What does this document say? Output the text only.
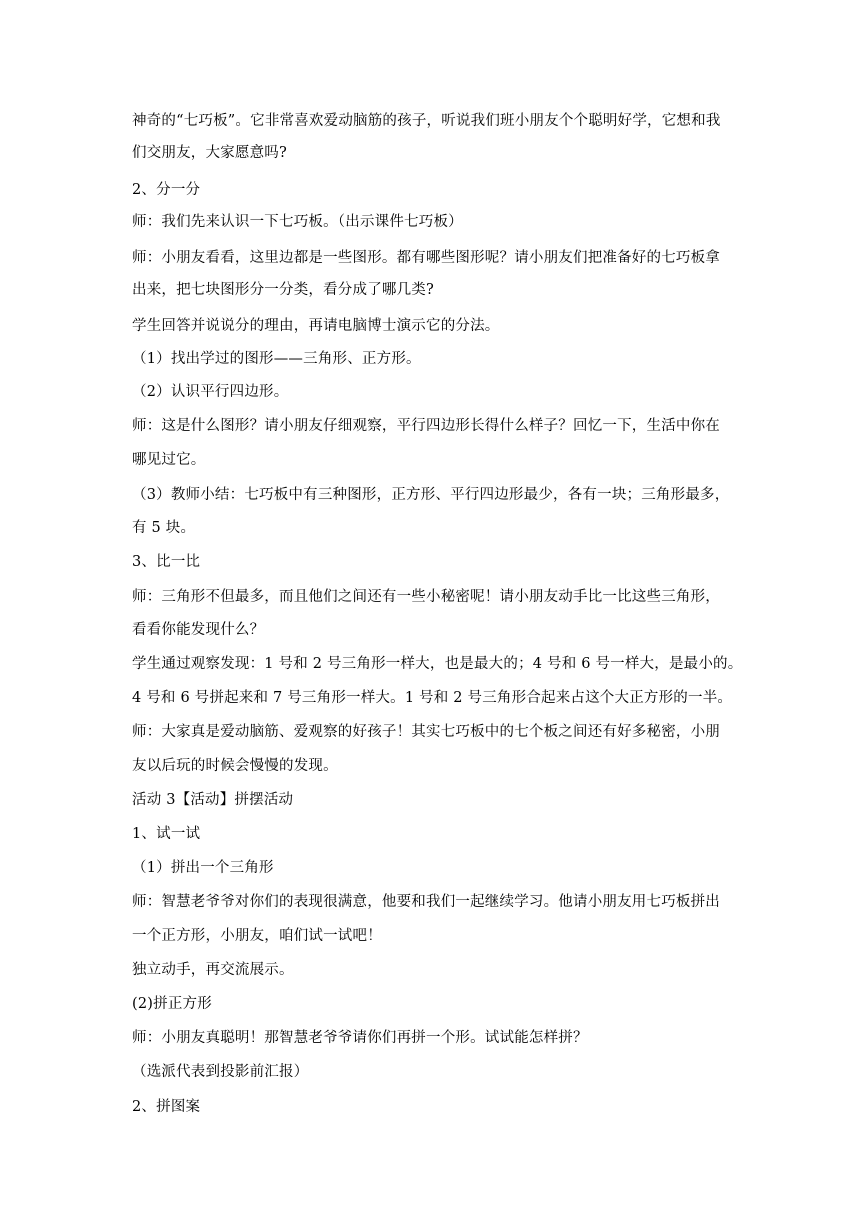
神奇的“七巧板”。它非常喜欢爱动脑筋的孩子，听说我们班小朋友个个聪明好学，它想和我
们交朋友，大家愿意吗?
2、分一分
师：我们先来认识一下七巧板。（出示课件七巧板）
师：小朋友看看，这里边都是一些图形。都有哪些图形呢？请小朋友们把准备好的七巧板拿
出来，把七块图形分一分类，看分成了哪几类?
学生回答并说说分的理由，再请电脑博士演示它的分法。
（1）找出学过的图形——三角形、正方形。
（2）认识平行四边形。
师：这是什么图形？请小朋友仔细观察，平行四边形长得什么样子？回忆一下，生活中你在
哪见过它。
（3）教师小结：七巧板中有三种图形，正方形、平行四边形最少，各有一块；三角形最多，
有 5 块。
3、比一比
师：三角形不但最多，而且他们之间还有一些小秘密呢！请小朋友动手比一比这些三角形，
看看你能发现什么？
学生通过观察发现：1 号和 2 号三角形一样大，也是最大的；4 号和 6 号一样大，是最小的。
4 号和 6 号拼起来和 7 号三角形一样大。1 号和 2 号三角形合起来占这个大正方形的一半。
师：大家真是爱动脑筋、爱观察的好孩子！其实七巧板中的七个板之间还有好多秘密，小朋
友以后玩的时候会慢慢的发现。
活动 3【活动】拼摆活动
1、试一试
（1）拼出一个三角形
师：智慧老爷爷对你们的表现很满意，他要和我们一起继续学习。他请小朋友用七巧板拼出
一个正方形，小朋友，咱们试一试吧！
独立动手，再交流展示。
(2)拼正方形
师：小朋友真聪明！那智慧老爷爷请你们再拼一个形。试试能怎样拼？
（选派代表到投影前汇报）
2、拼图案
